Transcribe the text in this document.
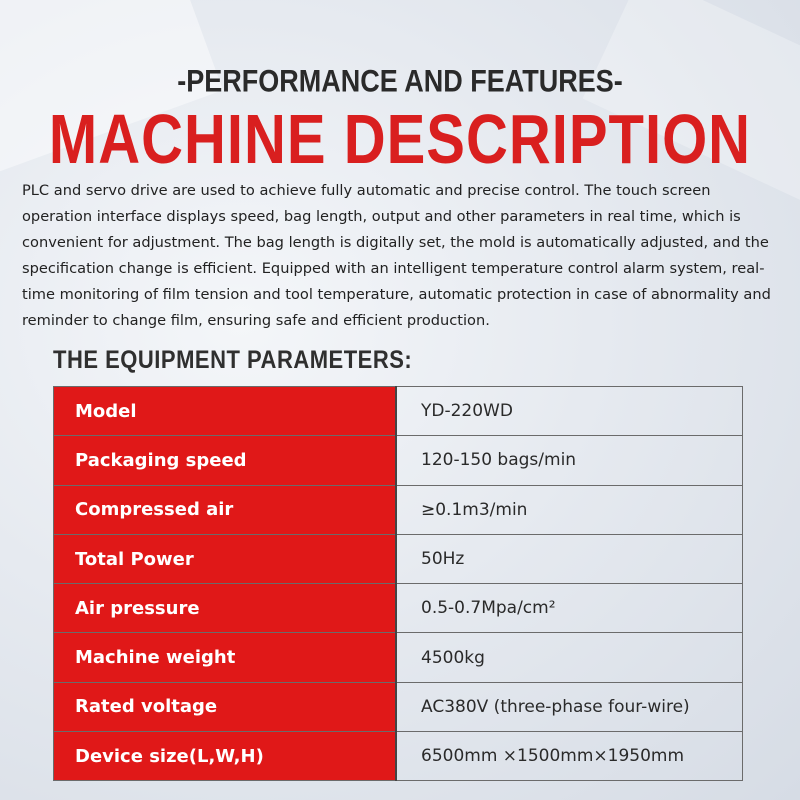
-PERFORMANCE AND FEATURES-
MACHINE DESCRIPTION

PLC and servo drive are used to achieve fully automatic and precise control. The touch screen operation interface displays speed, bag length, output and other parameters in real time, which is convenient for adjustment. The bag length is digitally set, the mold is automatically adjusted, and the specification change is efficient. Equipped with an intelligent temperature control alarm system, real-time monitoring of film tension and tool temperature, automatic protection in case of abnormality and reminder to change film, ensuring safe and efficient production.

THE EQUIPMENT PARAMETERS:
Model	YD-220WD
Packaging speed	120-150 bags/min
Compressed air	≥0.1m3/min
Total Power	50Hz
Air pressure	0.5-0.7Mpa/cm²
Machine weight	4500kg
Rated voltage	AC380V (three-phase four-wire)
Device size(L,W,H)	6500mm ×1500mm×1950mm
